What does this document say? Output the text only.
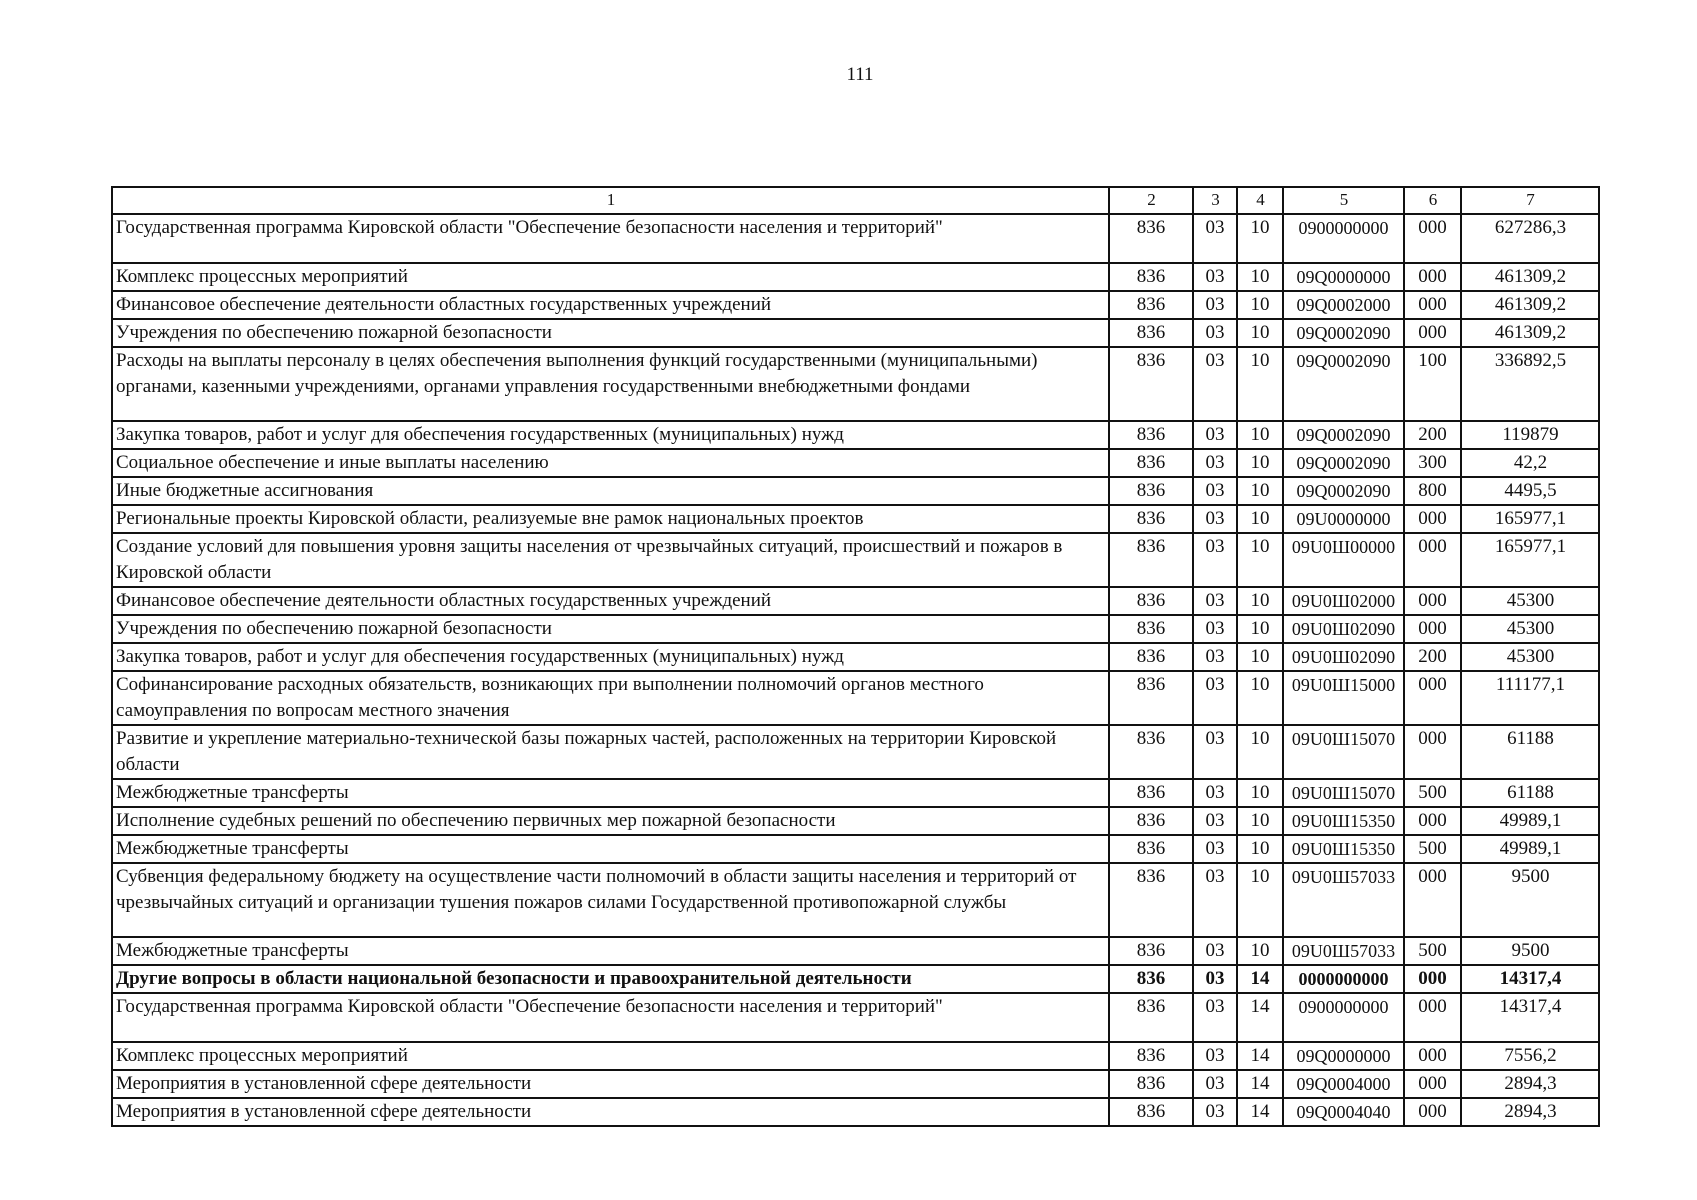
111
1	2	3	4	5	6	7
Государственная программа Кировской области "Обеспечение безопасности населения и территорий"	836	03	10	0900000000	000	627286,3
Комплекс процессных мероприятий	836	03	10	09Q0000000	000	461309,2
Финансовое обеспечение деятельности областных государственных учреждений	836	03	10	09Q0002000	000	461309,2
Учреждения по обеспечению пожарной безопасности	836	03	10	09Q0002090	000	461309,2
Расходы на выплаты персоналу в целях обеспечения выполнения функций государственными (муниципальными) органами, казенными учреждениями, органами управления государственными внебюджетными фондами	836	03	10	09Q0002090	100	336892,5
Закупка товаров, работ и услуг для обеспечения государственных (муниципальных) нужд	836	03	10	09Q0002090	200	119879
Социальное обеспечение и иные выплаты населению	836	03	10	09Q0002090	300	42,2
Иные бюджетные ассигнования	836	03	10	09Q0002090	800	4495,5
Региональные проекты Кировской области, реализуемые вне рамок национальных проектов	836	03	10	09U0000000	000	165977,1
Создание условий для повышения уровня защиты населения от чрезвычайных ситуаций, происшествий и пожаров в Кировской области	836	03	10	09U0Ш00000	000	165977,1
Финансовое обеспечение деятельности областных государственных учреждений	836	03	10	09U0Ш02000	000	45300
Учреждения по обеспечению пожарной безопасности	836	03	10	09U0Ш02090	000	45300
Закупка товаров, работ и услуг для обеспечения государственных (муниципальных) нужд	836	03	10	09U0Ш02090	200	45300
Софинансирование расходных обязательств, возникающих при выполнении полномочий органов местного самоуправления по вопросам местного значения	836	03	10	09U0Ш15000	000	111177,1
Развитие и укрепление материально-технической базы пожарных частей, расположенных на территории Кировской области	836	03	10	09U0Ш15070	000	61188
Межбюджетные трансферты	836	03	10	09U0Ш15070	500	61188
Исполнение судебных решений по обеспечению первичных мер пожарной безопасности	836	03	10	09U0Ш15350	000	49989,1
Межбюджетные трансферты	836	03	10	09U0Ш15350	500	49989,1
Субвенция федеральному бюджету на осуществление части полномочий в области защиты населения и территорий от чрезвычайных ситуаций и организации тушения пожаров силами Государственной противопожарной службы	836	03	10	09U0Ш57033	000	9500
Межбюджетные трансферты	836	03	10	09U0Ш57033	500	9500
Другие вопросы в области национальной безопасности и правоохранительной деятельности	836	03	14	0000000000	000	14317,4
Государственная программа Кировской области "Обеспечение безопасности населения и территорий"	836	03	14	0900000000	000	14317,4
Комплекс процессных мероприятий	836	03	14	09Q0000000	000	7556,2
Мероприятия в установленной сфере деятельности	836	03	14	09Q0004000	000	2894,3
Мероприятия в установленной сфере деятельности	836	03	14	09Q0004040	000	2894,3
